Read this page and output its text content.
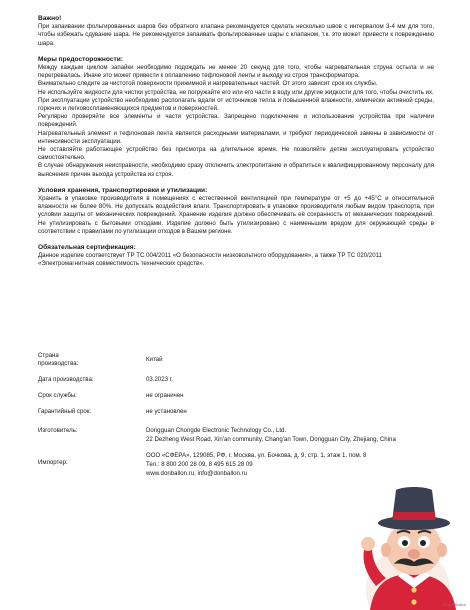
Важно!

При запаивании фольгированных шаров без обратного клапана рекомендуется сделать несколько швов с интервалом 3-4 мм для того, чтобы избежать сдувание шара. Не рекомендуется запаивать фольгированные шары с клапаном, т.к. это может привести к повреждению шара.

Меры предосторожности:

Между каждым циклом запайки необходимо подождать не менее 20 секунд для того, чтобы нагревательная струна остыла и не перегревалась. Иначе это может привести к оплавлению тефлоновой ленты и выходу из строя трансформатора.

Внимательно следите за чистотой поверхности прижимной и нагревательных частей. От этого зависит срок их службы.

Не используйте жидкости для чистки устройства, не погружайте его или его части в воду или другие жидкости для того, чтобы очистить их.

При эксплуатации устройство необходимо располагать вдали от источников тепла и повышенной влажности, химически активной среды, горючих и легковоспламеняющихся предметов и поверхностей.

Регулярно проверяйте все элементы и части устройства. Запрещено подключение и использование устройства при наличии повреждений.

Нагревательный элемент и тефлоновая лента является расходными материалами, и требуют периодической замены в зависимости от интенсивности эксплуатации.

Не оставляйте работающее устройство без присмотра на длительное время. Не позволяйте детям эксплуатировать устройство самостоятельно.

В случае обнаружения неисправности, необходимо сразу отключить электропитание и обратиться к квалифицированному персоналу для выяснения причин выхода устройства из строя.

Условия хранения, транспортировки и утилизации:

Хранить в упаковке производителя в помещениях с естественной вентиляцией при температуре от +5 до +45°С и относительной влажности не более 80%. Не допускать воздействия влаги. Транспортировать в упаковке производителя любым видом транспорта, при условии защиты от механических повреждений. Хранение изделия должно обеспечивать её сохранность от механических повреждений. Не утилизировать с бытовыми отходами. Изделие должно быть утилизировано с наименьшим вредом для окружающей среды в соответствии с правилами по утилизации отходов в Вашем регионе.

Обязательная сертификация:

Данное изделие соответствует ТР ТС 004/2011 «О безопасности низковольтного оборудования», а также ТР ТС 020/2011 «Электромагнитная совместимость технических средств».

Страна
производства:
Китай
Дата производства:	03.2023 г.
Срок службы:	не ограничен
Гарантийный срок:	не установлен
Изготовитель:	Dongguan Chongde Electronic Technology Co., Ltd.
22 Dezheng West Road, Xin'an community, Chang'an Town, Dongguan City, Zhejiang, China
Импортер:
ООО «СФЕРА», 129085, РФ, г. Москва, ул. Бочкова, д. 9, стр. 1, этаж 1, пом. 8
Тел.: 8 800 200 28 09, 8 495 615 28 09
www.donballon.ru, info@donballon.ru
© DonBallon
